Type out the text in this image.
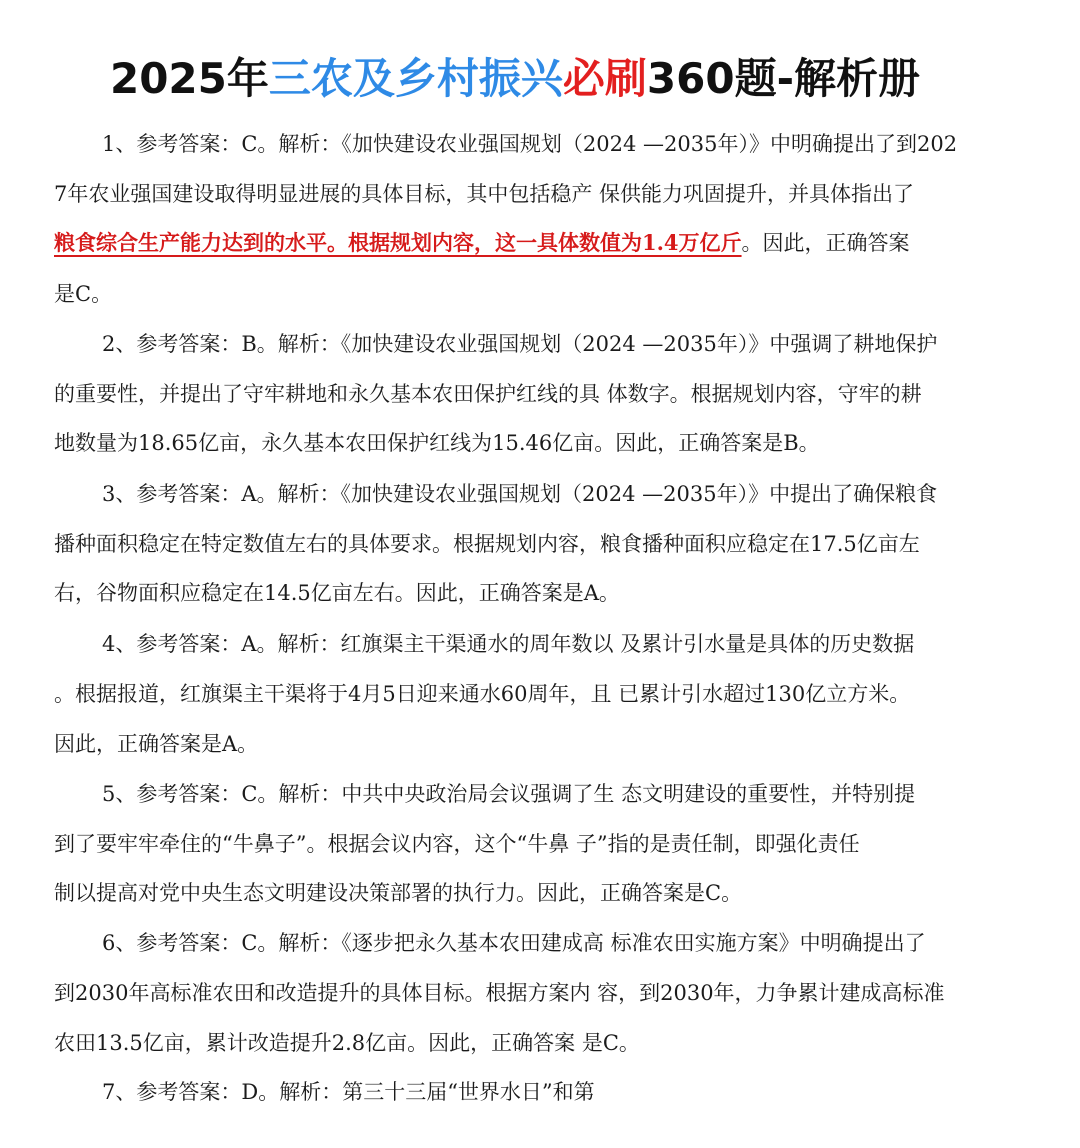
2025年三农及乡村振兴必刷360题-解析册
1、参考答案：C。解析：《加快建设农业强国规划（2024 —2035年）》中明确提出了到202
7年农业强国建设取得明显进展的具体目标，其中包括稳产 保供能力巩固提升，并具体指出了
粮食综合生产能力达到的水平。根据规划内容，这一具体数值为1.4万亿斤。因此，正确答案
是C。
2、参考答案：B。解析：《加快建设农业强国规划（2024 —2035年）》中强调了耕地保护
的重要性，并提出了守牢耕地和永久基本农田保护红线的具 体数字。根据规划内容，守牢的耕
地数量为18.65亿亩，永久基本农田保护红线为15.46亿亩。因此，正确答案是B。
3、参考答案：A。解析：《加快建设农业强国规划（2024 —2035年）》中提出了确保粮食
播种面积稳定在特定数值左右的具体要求。根据规划内容，粮食播种面积应稳定在17.5亿亩左
右，谷物面积应稳定在14.5亿亩左右。因此，正确答案是A。
4、参考答案：A。解析：红旗渠主干渠通水的周年数以 及累计引水量是具体的历史数据
。根据报道，红旗渠主干渠将于4月5日迎来通水60周年，且 已累计引水超过130亿立方米。
因此，正确答案是A。
5、参考答案：C。解析：中共中央政治局会议强调了生 态文明建设的重要性，并特别提
到了要牢牢牵住的“牛鼻子”。根据会议内容，这个“牛鼻 子”指的是责任制，即强化责任
制以提高对党中央生态文明建设决策部署的执行力。因此，正确答案是C。
6、参考答案：C。解析：《逐步把永久基本农田建成高 标准农田实施方案》中明确提出了
到2030年高标准农田和改造提升的具体目标。根据方案内 容，到2030年，力争累计建成高标准
农田13.5亿亩，累计改造提升2.8亿亩。因此，正确答案 是C。
7、参考答案：D。解析：第三十三届“世界水日”和第
